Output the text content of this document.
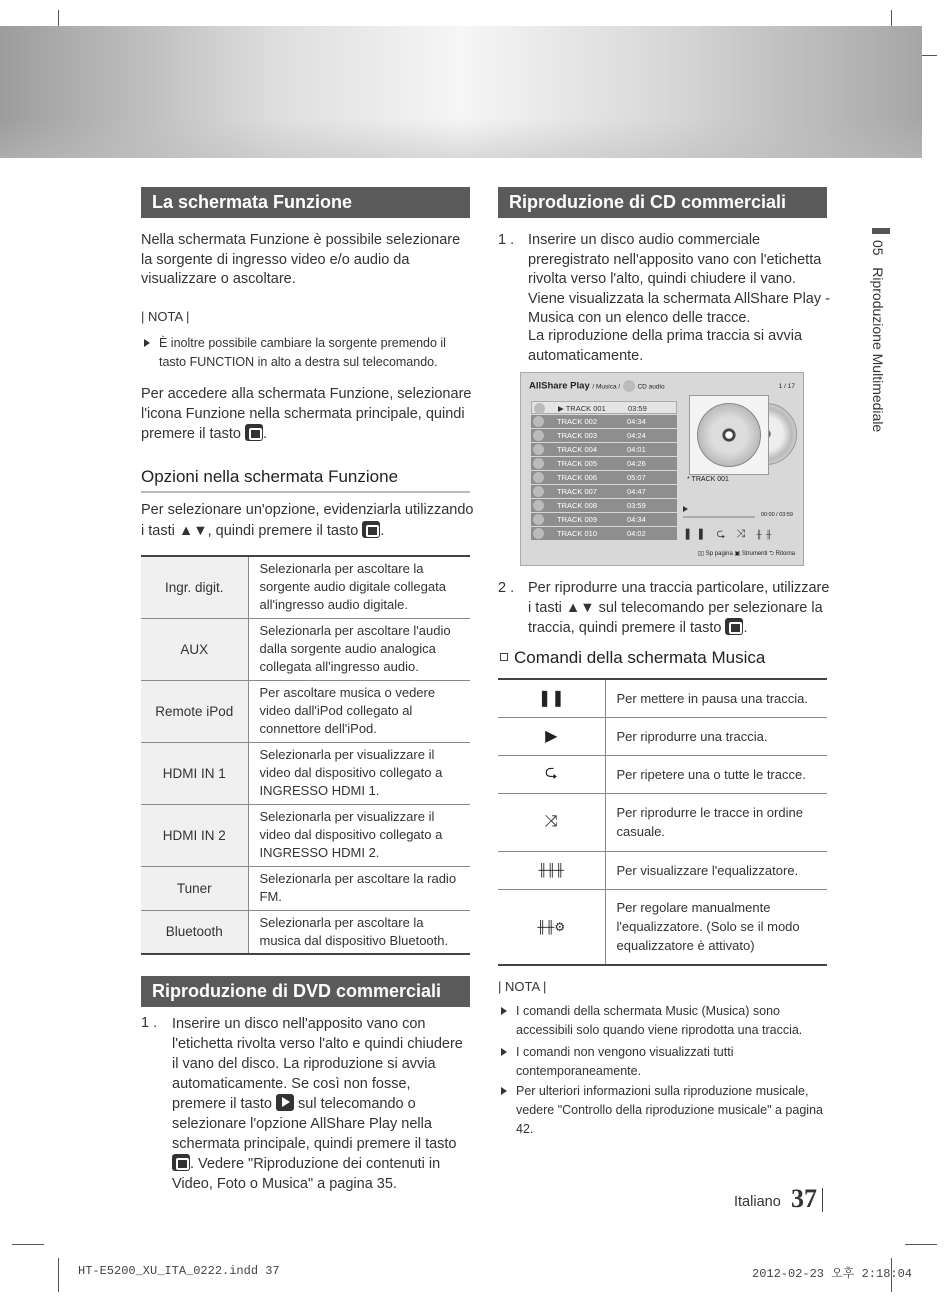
La schermata Funzione
Nella schermata Funzione è possibile selezionare la sorgente di ingresso video e/o audio da visualizzare o ascoltare.
| NOTA |
È inoltre possibile cambiare la sorgente premendo il tasto FUNCTION in alto a destra sul telecomando.
Per accedere alla schermata Funzione, selezionare l'icona Funzione nella schermata principale, quindi premere il tasto .
Opzioni nella schermata Funzione
Per selezionare un'opzione, evidenziarla utilizzando i tasti ▲▼, quindi premere il tasto .
Ingr. digit.	Selezionarla per ascoltare la sorgente audio digitale collegata all'ingresso audio digitale.
AUX	Selezionarla per ascoltare l'audio dalla sorgente audio analogica collegata all'ingresso audio.
Remote iPod	Per ascoltare musica o vedere video dall'iPod collegato al connettore dell'iPod.
HDMI IN 1	Selezionarla per visualizzare il video dal dispositivo collegato a INGRESSO HDMI 1.
HDMI IN 2	Selezionarla per visualizzare il video dal dispositivo collegato a INGRESSO HDMI 2.
Tuner	Selezionarla per ascoltare la radio FM.
Bluetooth	Selezionarla per ascoltare la musica dal dispositivo Bluetooth.
Riproduzione di DVD commerciali
1 . Inserire un disco nell'apposito vano con l'etichetta rivolta verso l'alto e quindi chiudere il vano del disco. La riproduzione si avvia automaticamente. Se così non fosse, premere il tasto sul telecomando o selezionare l'opzione AllShare Play nella schermata principale, quindi premere il tasto . Vedere "Riproduzione dei contenuti in Video, Foto o Musica" a pagina 35.
Riproduzione di CD commerciali
1 . Inserire un disco audio commerciale preregistrato nell'apposito vano con l'etichetta rivolta verso l'alto, quindi chiudere il vano. Viene visualizzata la schermata AllShare Play - Musica con un elenco delle tracce.
La riproduzione della prima traccia si avvia automaticamente.
AllShare Play / Musica /	CD audio	1 / 17
▶ TRACK 001	03:59
TRACK 002	04:34
TRACK 003	04:24
TRACK 004	04:01
TRACK 005	04:26
TRACK 006	05:07
TRACK 007	04:47
TRACK 008	03:59
TRACK 009	04:34
TRACK 010	04:02
* TRACK 001
00:00 / 03:59
❚❚ ⮎ ⤨ ╫╫
▯▯ Sp pagina ▣ Strumenti ⮌ Ritorna
2 . Per riprodurre una traccia particolare, utilizzare i tasti ▲▼ sul telecomando per selezionare la traccia, quindi premere il tasto .
Comandi della schermata Musica
❚❚	Per mettere in pausa una traccia.
▶	Per riprodurre una traccia.
⮎	Per ripetere una o tutte le tracce.
⤨	Per riprodurre le tracce in ordine casuale.
╫╫╫	Per visualizzare l'equalizzatore.
╫╫⚙	Per regolare manualmente l'equalizzatore. (Solo se il modo equalizzatore è attivato)
| NOTA |
I comandi della schermata Music (Musica) sono accessibili solo quando viene riprodotta una traccia.
I comandi non vengono visualizzati tutti contemporaneamente.
Per ulteriori informazioni sulla riproduzione musicale, vedere "Controllo della riproduzione musicale" a pagina 42.
05   Riproduzione Multimediale
Italiano 37
HT-E5200_XU_ITA_0222.indd 37	2012-02-23 오후 2:18:04
